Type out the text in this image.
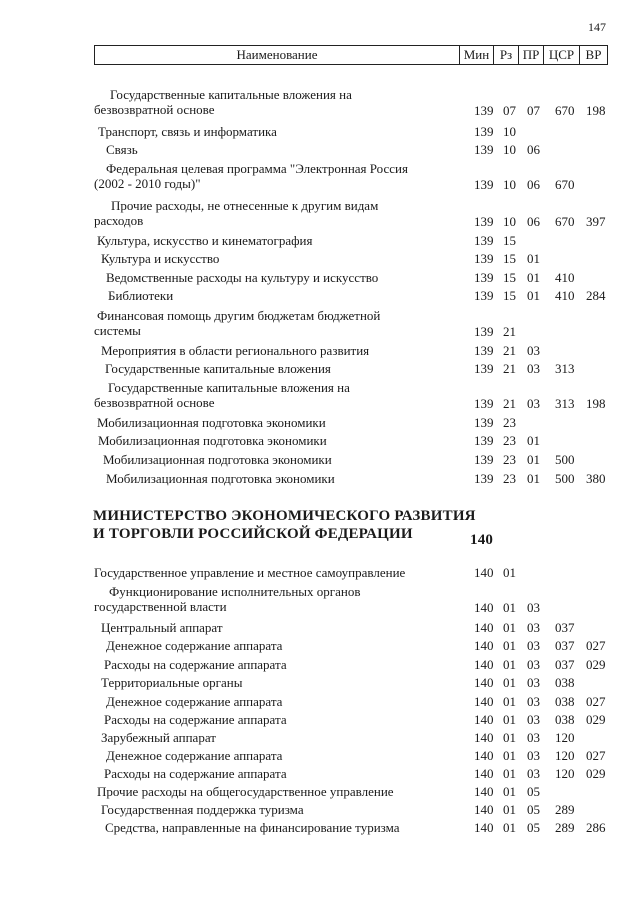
147
Наименование	Мин Рз ПР ЦСР ВР
Государственные капитальные вложения на
безвозвратной основе	139 07 07 670 198
Транспорт, связь и информатика	139 10
Связь	139 10 06
Федеральная целевая программа "Электронная Россия
(2002 - 2010 годы)"	139 10 06 670
Прочие расходы, не отнесенные к другим видам
расходов	139 10 06 670 397
Культура, искусство и кинематография	139 15
Культура и искусство	139 15 01
Ведомственные расходы на культуру и искусство	139 15 01 410
Библиотеки	139 15 01 410 284
Финансовая помощь другим бюджетам бюджетной
системы	139 21
Мероприятия в области регионального развития	139 21 03
Государственные капитальные вложения	139 21 03 313
Государственные капитальные вложения на
безвозвратной основе	139 21 03 313 198
Мобилизационная подготовка экономики	139 23
Мобилизационная подготовка экономики	139 23 01
Мобилизационная подготовка экономики	139 23 01 500
Мобилизационная подготовка экономики	139 23 01 500 380
МИНИСТЕРСТВО ЭКОНОМИЧЕСКОГО РАЗВИТИЯ
И ТОРГОВЛИ РОССИЙСКОЙ ФЕДЕРАЦИИ	140
Государственное управление и местное самоуправление	140 01
Функционирование исполнительных органов
государственной власти	140 01 03
Центральный аппарат	140 01 03 037
Денежное содержание аппарата	140 01 03 037 027
Расходы на содержание аппарата	140 01 03 037 029
Территориальные органы	140 01 03 038
Денежное содержание аппарата	140 01 03 038 027
Расходы на содержание аппарата	140 01 03 038 029
Зарубежный аппарат	140 01 03 120
Денежное содержание аппарата	140 01 03 120 027
Расходы на содержание аппарата	140 01 03 120 029
Прочие расходы на общегосударственное управление	140 01 05
Государственная поддержка туризма	140 01 05 289
Средства, направленные на финансирование туризма	140 01 05 289 286
